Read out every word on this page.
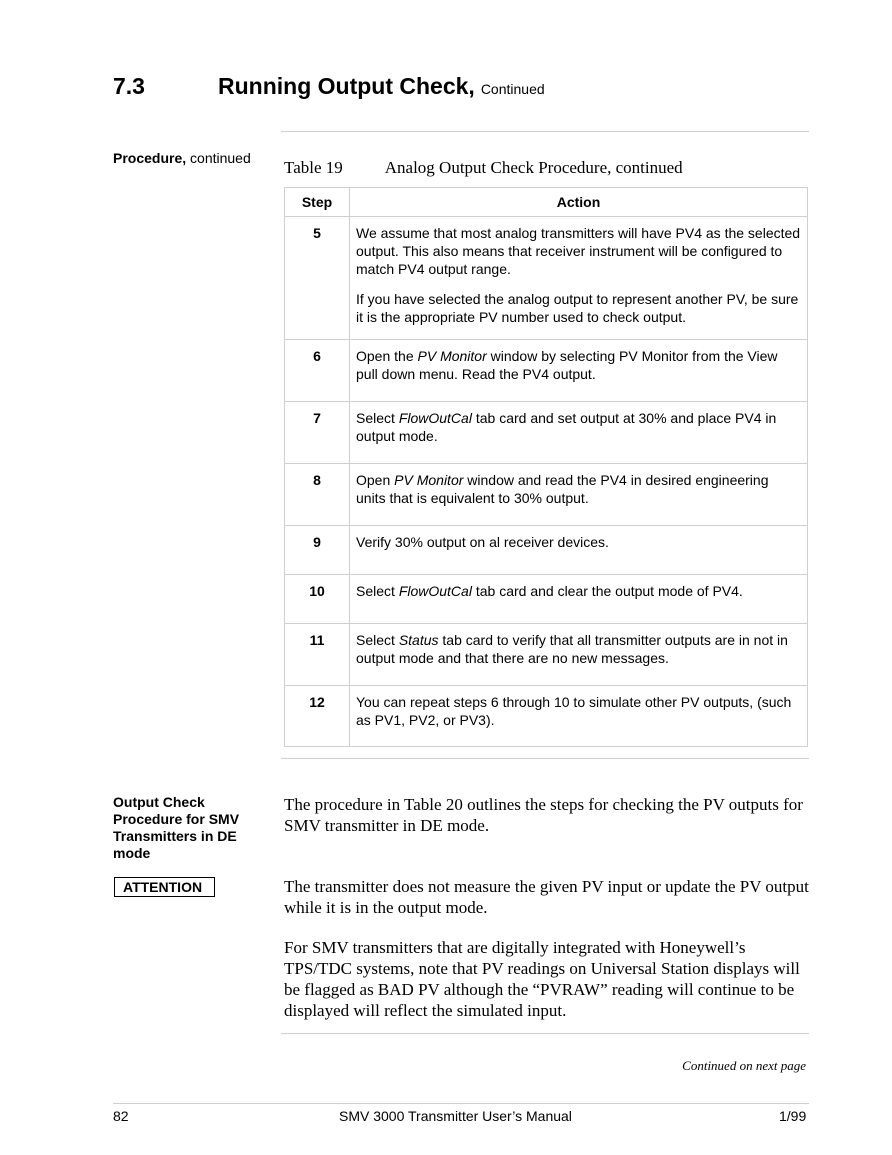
7.3	Running Output Check, Continued
Procedure, continued Table 19 Analog Output Check Procedure, continued
Step	Action
5	We assume that most analog transmitters will have PV4 as the selected output. This also means that receiver instrument will be configured to match PV4 output range.

If you have selected the analog output to represent another PV, be sure it is the appropriate PV number used to check output.

6	Open the PV Monitor window by selecting PV Monitor from the View pull down menu. Read the PV4 output.
7	Select FlowOutCal tab card and set output at 30% and place PV4 in output mode.
8	Open PV Monitor window and read the PV4 in desired engineering units that is equivalent to 30% output.
9	Verify 30% output on al receiver devices.
10	Select FlowOutCal tab card and clear the output mode of PV4.
11	Select Status tab card to verify that all transmitter outputs are in not in output mode and that there are no new messages.
12	You can repeat steps 6 through 10 to simulate other PV outputs, (such as PV1, PV2, or PV3).
Output Check Procedure for SMV Transmitters in DE mode
The procedure in Table 20 outlines the steps for checking the PV outputs for SMV transmitter in DE mode.
ATTENTION	The transmitter does not measure the given PV input or update the PV output while it is in the output mode.
For SMV transmitters that are digitally integrated with Honeywell’s TPS/TDC systems, note that PV readings on Universal Station displays will be flagged as BAD PV although the “PVRAW” reading will continue to be displayed will reflect the simulated input.
Continued on next page
82	SMV 3000 Transmitter User’s Manual	1/99
